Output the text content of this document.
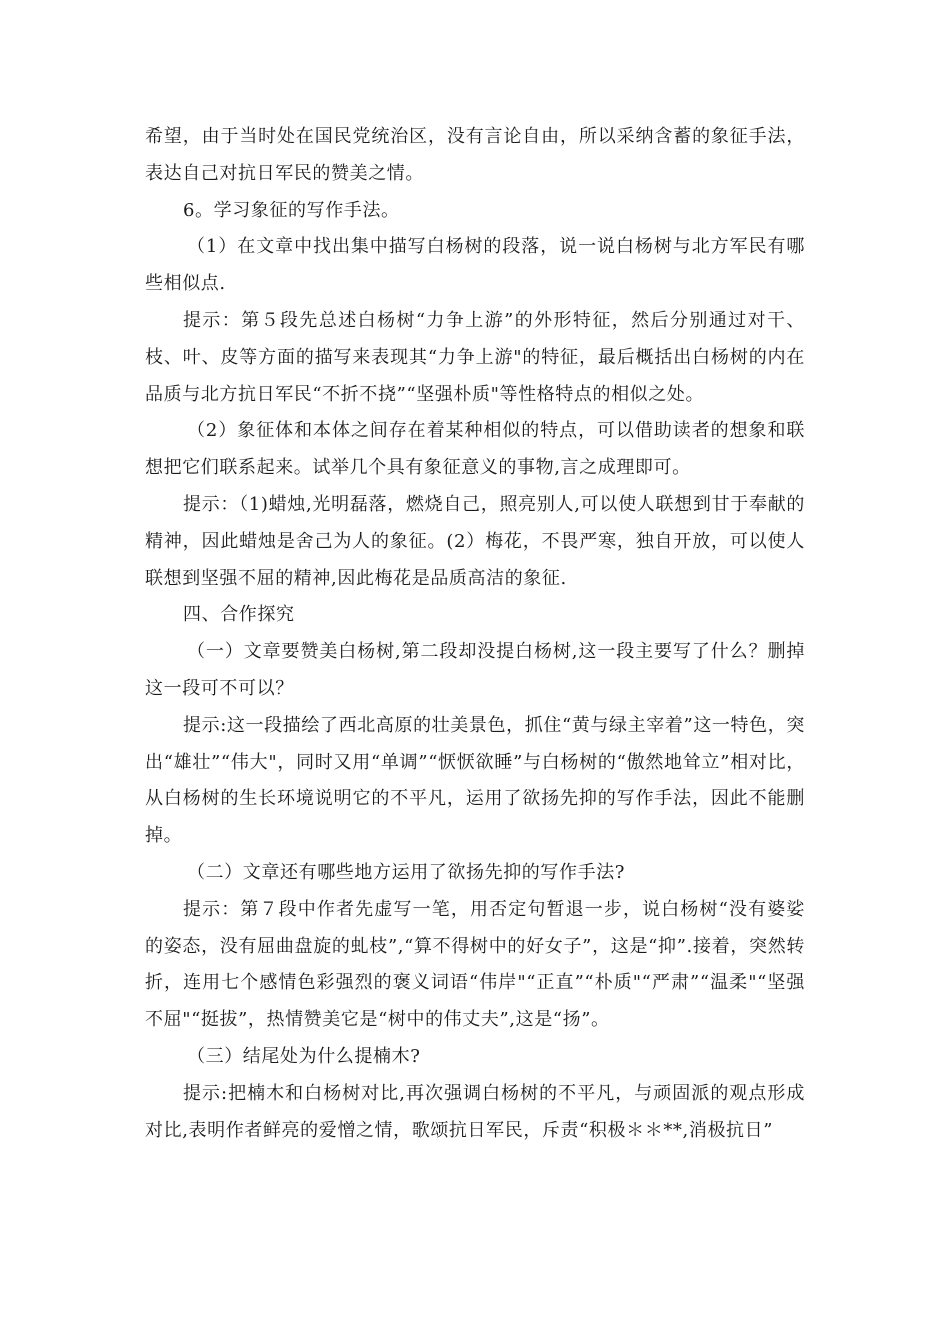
希望，由于当时处在国民党统治区，没有言论自由，所以采纳含蓄的象征手法，表达自己对抗日军民的赞美之情。

6。学习象征的写作手法。

（1）在文章中找出集中描写白杨树的段落，说一说白杨树与北方军民有哪些相似点.

提示：第５段先总述白杨树“力争上游”的外形特征，然后分别通过对干、枝、叶、皮等方面的描写来表现其“力争上游"的特征，最后概括出白杨树的内在品质与北方抗日军民“不折不挠”“坚强朴质"等性格特点的相似之处。

（2）象征体和本体之间存在着某种相似的特点，可以借助读者的想象和联想把它们联系起来。试举几个具有象征意义的事物,言之成理即可。

提示：（1)蜡烛,光明磊落，燃烧自己，照亮别人,可以使人联想到甘于奉献的精神，因此蜡烛是舍己为人的象征。(2）梅花，不畏严寒，独自开放，可以使人联想到坚强不屈的精神,因此梅花是品质高洁的象征.

四、合作探究

（一）文章要赞美白杨树,第二段却没提白杨树,这一段主要写了什么？删掉这一段可不可以？

提示:这一段描绘了西北高原的壮美景色，抓住“黄与绿主宰着”这一特色，突出“雄壮”“伟大"，同时又用“单调”“恹恹欲睡”与白杨树的“傲然地耸立”相对比，从白杨树的生长环境说明它的不平凡，运用了欲扬先抑的写作手法，因此不能删掉。

（二）文章还有哪些地方运用了欲扬先抑的写作手法?

提示：第７段中作者先虚写一笔，用否定句暂退一步，说白杨树“没有婆娑的姿态，没有屈曲盘旋的虬枝”,“算不得树中的好女子”，这是“抑”.接着，突然转折，连用七个感情色彩强烈的褒义词语“伟岸"“正直”“朴质"“严肃”“温柔"“坚强不屈"“挺拔”，热情赞美它是“树中的伟丈夫”,这是“扬”。

（三）结尾处为什么提楠木?

提示:把楠木和白杨树对比,再次强调白杨树的不平凡，与顽固派的观点形成对比,表明作者鲜亮的爱憎之情，歌颂抗日军民，斥责“积极＊＊**,消极抗日”
